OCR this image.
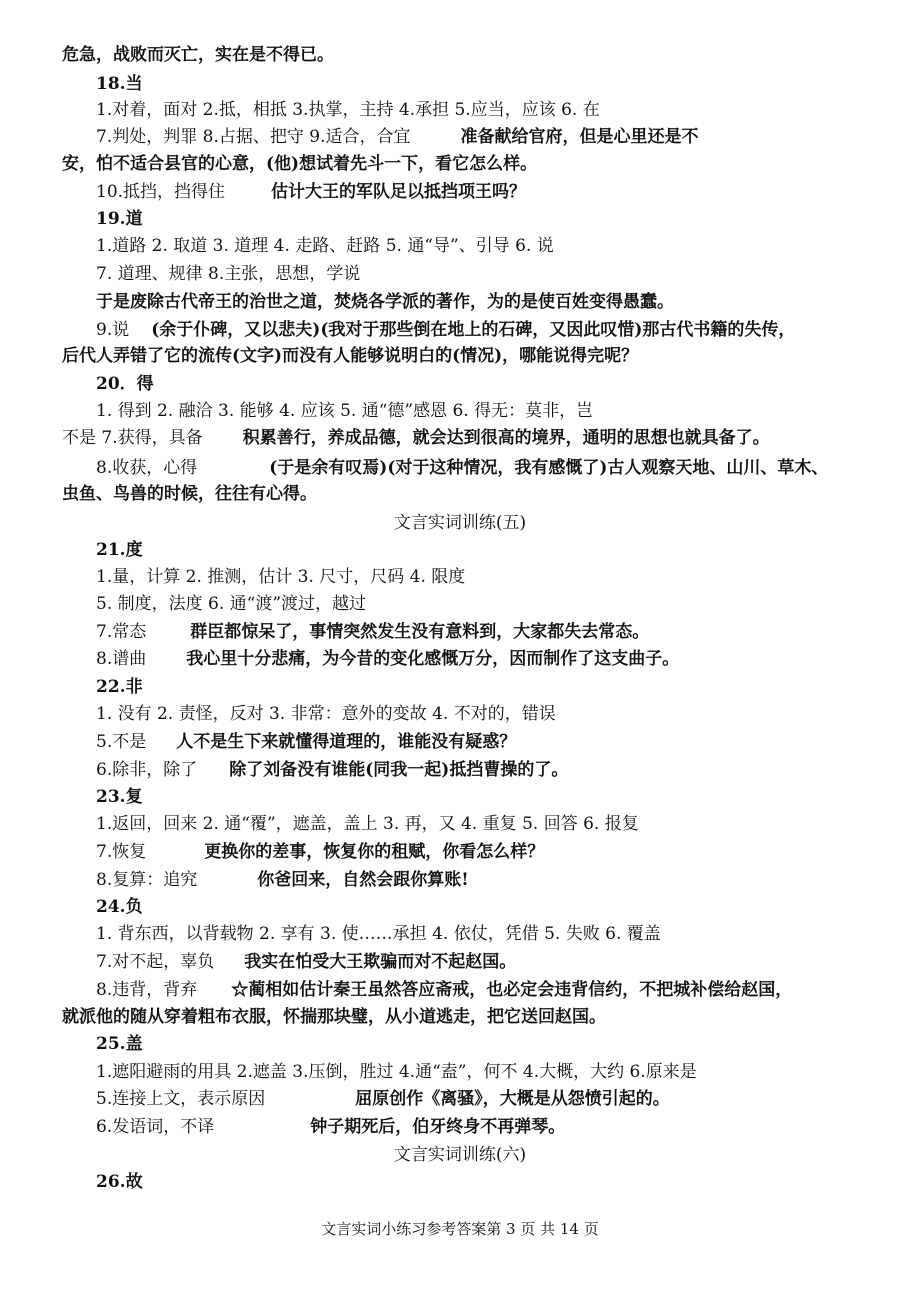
危急，战败而灭亡，实在是不得已。
18.当
1.对着，面对 2.抵，相抵 3.执掌，主持 4.承担 5.应当，应该 6. 在
7.判处，判罪 8.占据、把守 9.适合，合宜	准备献给官府，但是心里还是不
安，怕不适合县官的心意，(他)想试着先斗一下，看它怎么样。
10.抵挡，挡得住	估计大王的军队足以抵挡项王吗？
19.道
1.道路 2. 取道 3. 道理 4. 走路、赶路 5. 通“导”、引导 6. 说
7. 道理、规律 8.主张，思想，学说
于是废除古代帝王的治世之道，焚烧各学派的著作，为的是使百姓变得愚蠢。
9.说 (余于仆碑，又以悲夫)(我对于那些倒在地上的石碑，又因此叹惜)那古代书籍的失传，
后代人弄错了它的流传(文字)而没有人能够说明白的(情况)，哪能说得完呢？
20．得
1. 得到 2. 融洽 3. 能够 4. 应该 5. 通“德”感恩 6. 得无：莫非，岂
不是 7.获得，具备 积累善行，养成品德，就会达到很高的境界，通明的思想也就具备了。
8.收获，心得	(于是余有叹焉)(对于这种情况，我有感慨了)古人观察天地、山川、草木、
虫鱼、鸟兽的时候，往往有心得。
文言实词训练(五)
21.度
1.量，计算 2. 推测，估计 3. 尺寸，尺码 4. 限度
5. 制度，法度 6. 通“渡”渡过，越过
7.常态	群臣都惊呆了，事情突然发生没有意料到，大家都失去常态。
8.谱曲 我心里十分悲痛，为今昔的变化感慨万分，因而制作了这支曲子。
22.非
1. 没有 2. 责怪，反对 3. 非常：意外的变故 4. 不对的，错误
5.不是 人不是生下来就懂得道理的，谁能没有疑惑？
6.除非，除了 除了刘备没有谁能(同我一起)抵挡曹操的了。
23.复
1.返回，回来 2. 通“覆”，遮盖，盖上 3. 再，又 4. 重复 5. 回答 6. 报复
7.恢复	更换你的差事，恢复你的租赋，你看怎么样？
8.复算：追究	你爸回来，自然会跟你算账!
24.负
1. 背东西，以背载物 2. 享有 3. 使……承担 4. 依仗，凭借 5. 失败 6. 覆盖
7.对不起，辜负 我实在怕受大王欺骗而对不起赵国。
8.违背，背弃 ☆蔺相如估计秦王虽然答应斋戒，也必定会违背信约，不把城补偿给赵国，
就派他的随从穿着粗布衣服，怀揣那块璧，从小道逃走，把它送回赵国。
25.盖
1.遮阳避雨的用具 2.遮盖 3.压倒，胜过 4.通“盍”，何不 4.大概，大约 6.原来是
5.连接上文，表示原因	屈原创作《离骚》，大概是从怨愤引起的。
6.发语词，不译	钟子期死后，伯牙终身不再弹琴。
文言实词训练(六)
26.故
文言实词小练习参考答案第 3 页 共 14 页
